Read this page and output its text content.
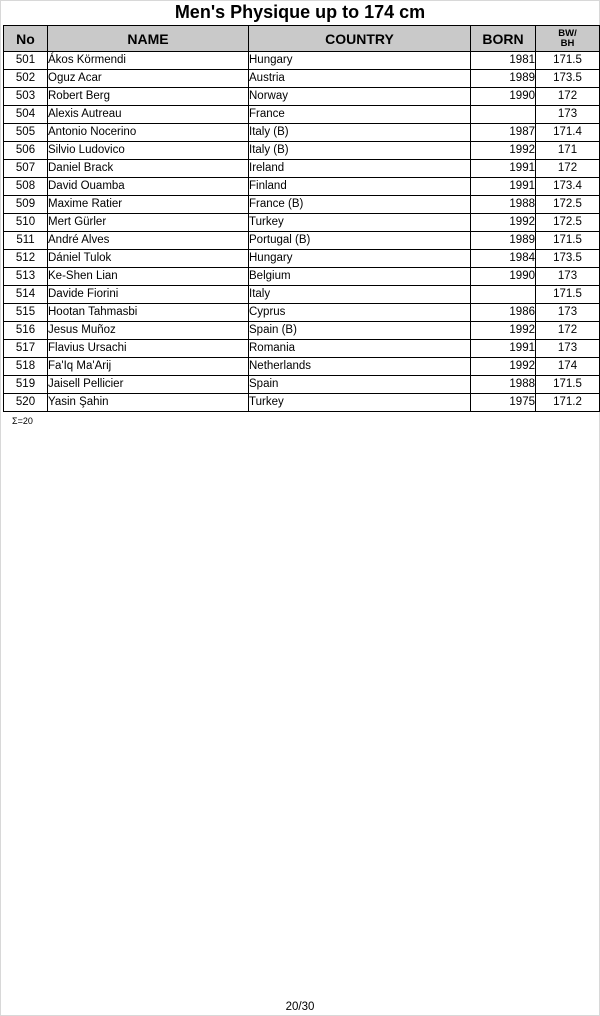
Men's Physique up to 174 cm
No	NAME	COUNTRY	BORN	BW/
BH

501	Ákos Körmendi	Hungary	1981	171.5
502	Oguz Acar	Austria	1989	173.5
503	Robert Berg	Norway	1990	172
504	Alexis Autreau	France		173
505	Antonio Nocerino	Italy (B)	1987	171.4
506	Silvio Ludovico	Italy (B)	1992	171
507	Daniel Brack	Ireland	1991	172
508	David Ouamba	Finland	1991	173.4
509	Maxime Ratier	France (B)	1988	172.5
510	Mert Gürler	Turkey	1992	172.5
511	André Alves	Portugal (B)	1989	171.5
512	Dániel Tulok	Hungary	1984	173.5
513	Ke-Shen Lian	Belgium	1990	173
514	Davide Fiorini	Italy		171.5
515	Hootan Tahmasbi	Cyprus	1986	173
516	Jesus Muñoz	Spain (B)	1992	172
517	Flavius Ursachi	Romania	1991	173
518	Fa'Iq Ma'Arij	Netherlands	1992	174
519	Jaisell Pellicier	Spain	1988	171.5
520	Yasin Şahin	Turkey	1975	171.2
Σ=20
20/30
